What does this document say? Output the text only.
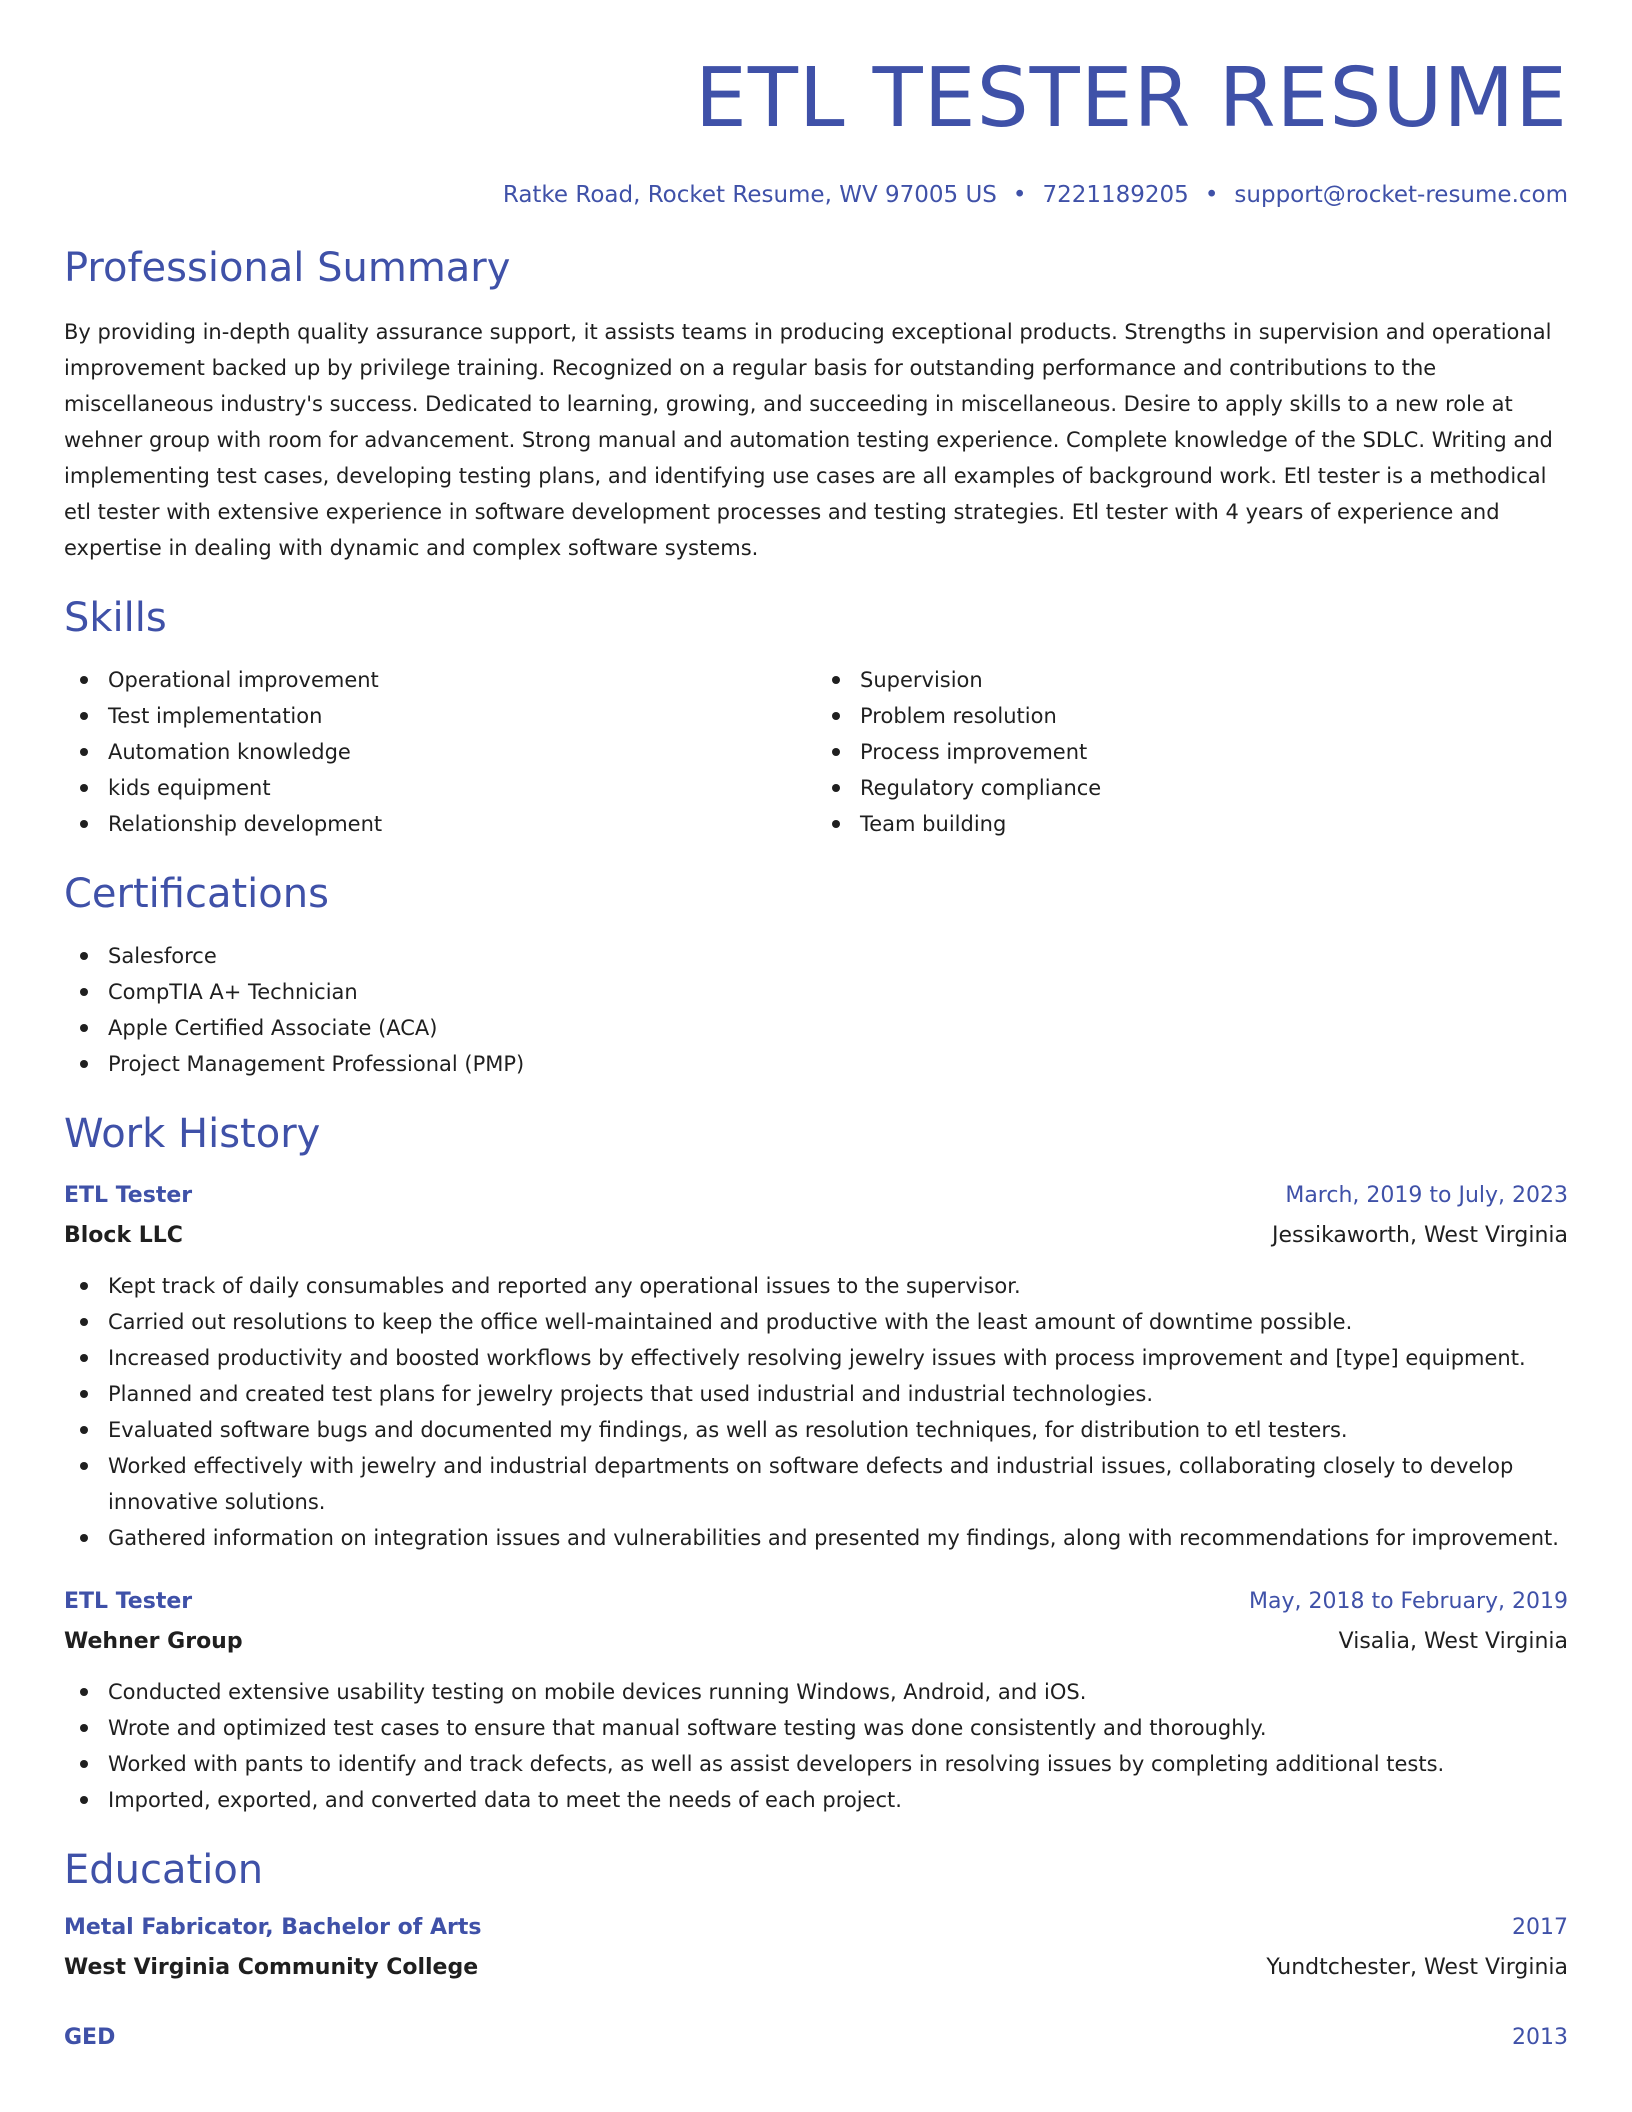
ETL TESTER RESUME
Ratke Road, Rocket Resume, WV 97005 US • 7221189205 • support@rocket-resume.com
Professional Summary

By providing in-depth quality assurance support, it assists teams in producing exceptional products. Strengths in supervision and operational improvement backed up by privilege training. Recognized on a regular basis for outstanding performance and contributions to the miscellaneous industry's success. Dedicated to learning, growing, and succeeding in miscellaneous. Desire to apply skills to a new role at wehner group with room for advancement. Strong manual and automation testing experience. Complete knowledge of the SDLC. Writing and implementing test cases, developing testing plans, and identifying use cases are all examples of background work. Etl tester is a methodical etl tester with extensive experience in software development processes and testing strategies. Etl tester with 4 years of experience and expertise in dealing with dynamic and complex software systems.

Skills
Operational improvement
Test implementation
Automation knowledge
kids equipment
Relationship development
Supervision
Problem resolution
Process improvement
Regulatory compliance
Team building
Certifications
Salesforce
CompTIA A+ Technician
Apple Certified Associate (ACA)
Project Management Professional (PMP)
Work History
ETL Tester	March, 2019 to July, 2023
Block LLC	Jessikaworth, West Virginia
Kept track of daily consumables and reported any operational issues to the supervisor.
Carried out resolutions to keep the office well-maintained and productive with the least amount of downtime possible.
Increased productivity and boosted workflows by effectively resolving jewelry issues with process improvement and [type] equipment.
Planned and created test plans for jewelry projects that used industrial and industrial technologies.
Evaluated software bugs and documented my findings, as well as resolution techniques, for distribution to etl testers.
Worked effectively with jewelry and industrial departments on software defects and industrial issues, collaborating closely to develop innovative solutions.
Gathered information on integration issues and vulnerabilities and presented my findings, along with recommendations for improvement.
ETL Tester	May, 2018 to February, 2019
Wehner Group	Visalia, West Virginia
Conducted extensive usability testing on mobile devices running Windows, Android, and iOS.
Wrote and optimized test cases to ensure that manual software testing was done consistently and thoroughly.
Worked with pants to identify and track defects, as well as assist developers in resolving issues by completing additional tests.
Imported, exported, and converted data to meet the needs of each project.
Education
Metal Fabricator, Bachelor of Arts	2017
West Virginia Community College	Yundtchester, West Virginia
GED	2013
